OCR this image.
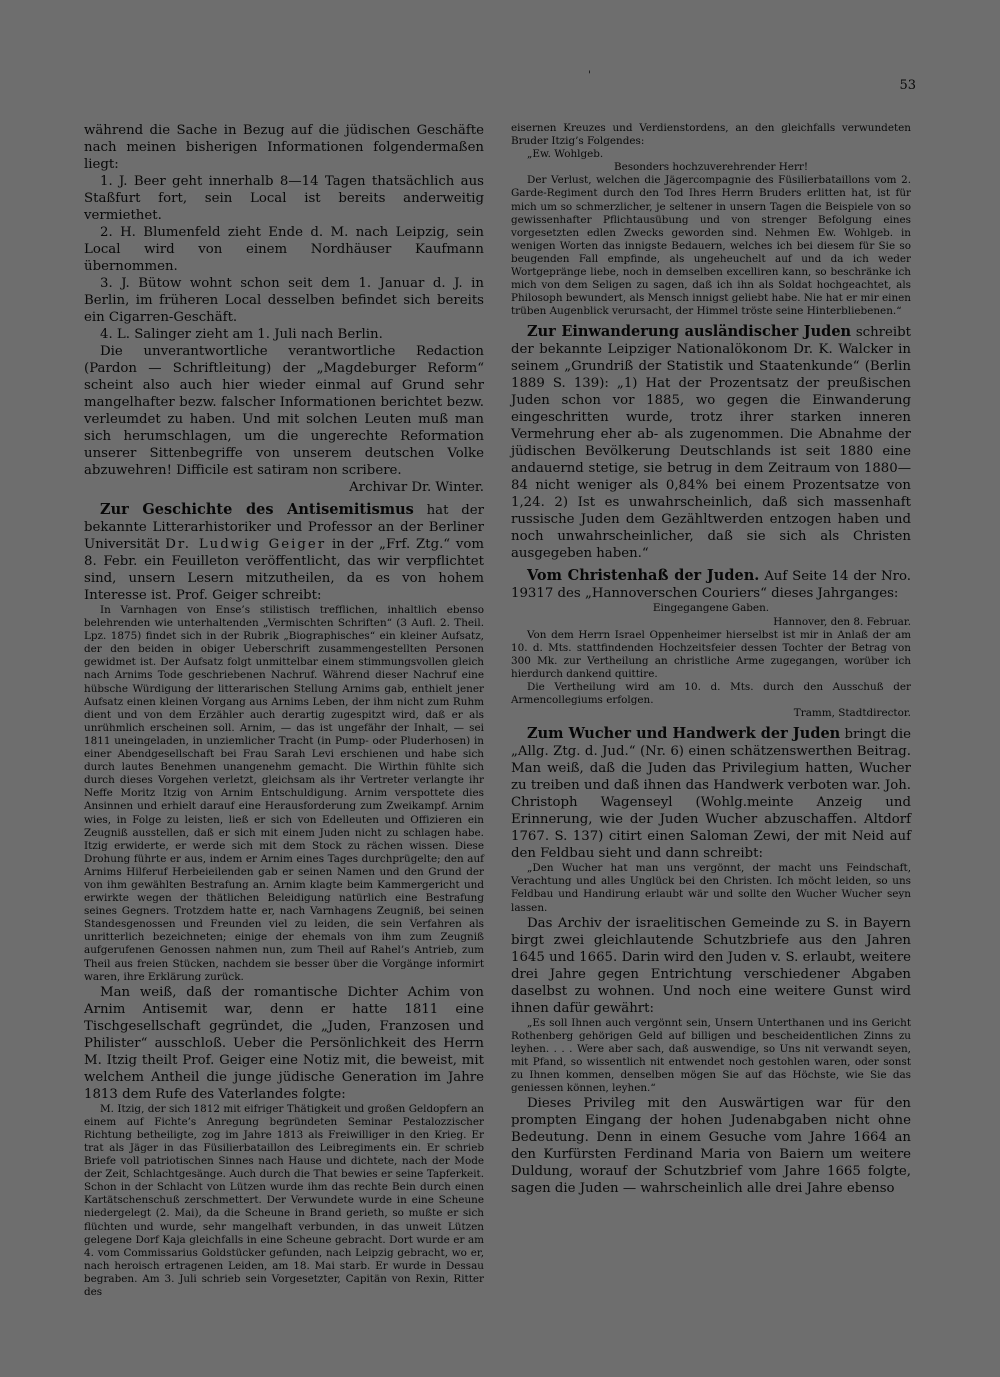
'
53

während die Sache in Bezug auf die jüdischen Geschäfte nach meinen bisherigen Informationen folgendermaßen liegt:

1. J. Beer geht innerhalb 8—14 Tagen thatsächlich aus Staßfurt fort, sein Local ist bereits anderweitig vermiethet.

2. H. Blumenfeld zieht Ende d. M. nach Leipzig, sein Local wird von einem Nordhäuser Kaufmann übernommen.

3. J. Bütow wohnt schon seit dem 1. Januar d. J. in Berlin, im früheren Local desselben befindet sich bereits ein Cigarren-Geschäft.

4. L. Salinger zieht am 1. Juli nach Berlin.

Die unverantwortliche verantwortliche Redaction (Pardon — Schriftleitung) der „Magdeburger Reform“ scheint also auch hier wieder einmal auf Grund sehr mangelhafter bezw. falscher Informationen berichtet bezw. verleumdet zu haben. Und mit solchen Leuten muß man sich herumschlagen, um die ungerechte Reformation unserer Sittenbegriffe von unserem deutschen Volke abzuwehren! Difficile est satiram non scribere.

Archivar Dr. Winter.

Zur Geschichte des Antisemitismus hat der bekannte Litterarhistoriker und Professor an der Berliner Universität Dr. Ludwig Geiger in der „Frf. Ztg.“ vom 8. Febr. ein Feuilleton veröffentlicht, das wir verpflichtet sind, unsern Lesern mitzutheilen, da es von hohem Interesse ist. Prof. Geiger schreibt:

In Varnhagen von Ense’s stilistisch trefflichen, inhaltlich ebenso belehrenden wie unterhaltenden „Vermischten Schriften“ (3 Aufl. 2. Theil. Lpz. 1875) findet sich in der Rubrik „Biographisches“ ein kleiner Aufsatz, der den beiden in obiger Ueberschrift zusammengestellten Personen gewidmet ist. Der Aufsatz folgt unmittelbar einem stimmungsvollen gleich nach Arnims Tode geschriebenen Nachruf. Während dieser Nachruf eine hübsche Würdigung der litterarischen Stellung Arnims gab, enthielt jener Aufsatz einen kleinen Vorgang aus Arnims Leben, der ihm nicht zum Ruhm dient und von dem Erzähler auch derartig zugespitzt wird, daß er als unrühmlich erscheinen soll. Arnim, — das ist ungefähr der Inhalt, — sei 1811 uneingeladen, in unziemlicher Tracht (in Pump- oder Pluderhosen) in einer Abendgesellschaft bei Frau Sarah Levi erschienen und habe sich durch lautes Benehmen unangenehm gemacht. Die Wirthin fühlte sich durch dieses Vorgehen verletzt, gleichsam als ihr Vertreter verlangte ihr Neffe Moritz Itzig von Arnim Entschuldigung. Arnim verspottete dies Ansinnen und erhielt darauf eine Herausforderung zum Zweikampf. Arnim wies, in Folge zu leisten, ließ er sich von Edelleuten und Offizieren ein Zeugniß ausstellen, daß er sich mit einem Juden nicht zu schlagen habe. Itzig erwiderte, er werde sich mit dem Stock zu rächen wissen. Diese Drohung führte er aus, indem er Arnim eines Tages durchprügelte; den auf Arnims Hilferuf Herbeieilenden gab er seinen Namen und den Grund der von ihm gewählten Bestrafung an. Arnim klagte beim Kammergericht und erwirkte wegen der thätlichen Beleidigung natürlich eine Bestrafung seines Gegners. Trotzdem hatte er, nach Varnhagens Zeugniß, bei seinen Standesgenossen und Freunden viel zu leiden, die sein Verfahren als unritterlich bezeichneten; einige der ehemals von ihm zum Zeugniß aufgerufenen Genossen nahmen nun, zum Theil auf Rahel’s Antrieb, zum Theil aus freien Stücken, nachdem sie besser über die Vorgänge informirt waren, ihre Erklärung zurück.

Man weiß, daß der romantische Dichter Achim von Arnim Antisemit war, denn er hatte 1811 eine Tischgesellschaft gegründet, die „Juden, Franzosen und Philister“ ausschloß. Ueber die Persönlichkeit des Herrn M. Itzig theilt Prof. Geiger eine Notiz mit, die beweist, mit welchem Antheil die junge jüdische Generation im Jahre 1813 dem Rufe des Vaterlandes folgte:

M. Itzig, der sich 1812 mit eifriger Thätigkeit und großen Geldopfern an einem auf Fichte’s Anregung begründeten Seminar Pestalozzischer Richtung betheiligte, zog im Jahre 1813 als Freiwilliger in den Krieg. Er trat als Jäger in das Füsilierbataillon des Leibregiments ein. Er schrieb Briefe voll patriotischen Sinnes nach Hause und dichtete, nach der Mode der Zeit, Schlachtgesänge. Auch durch die That bewies er seine Tapferkeit. Schon in der Schlacht von Lützen wurde ihm das rechte Bein durch einen Kartätschenschuß zerschmettert. Der Verwundete wurde in eine Scheune niedergelegt (2. Mai), da die Scheune in Brand gerieth, so mußte er sich flüchten und wurde, sehr mangelhaft verbunden, in das unweit Lützen gelegene Dorf Kaja gleichfalls in eine Scheune gebracht. Dort wurde er am 4. vom Commissarius Goldstücker gefunden, nach Leipzig gebracht, wo er, nach heroisch ertragenen Leiden, am 18. Mai starb. Er wurde in Dessau begraben. Am 3. Juli schrieb sein Vorgesetzter, Capitän von Rexin, Ritter des

eisernen Kreuzes und Verdienstordens, an den gleichfalls verwundeten Bruder Itzig’s Folgendes:

„Ew. Wohlgeb.

Besonders hochzuverehrender Herr!

Der Verlust, welchen die Jägercompagnie des Füsilierbataillons vom 2. Garde-Regiment durch den Tod Ihres Herrn Bruders erlitten hat, ist für mich um so schmerzlicher, je seltener in unsern Tagen die Beispiele von so gewissenhafter Pflichtausübung und von strenger Befolgung eines vorgesetzten edlen Zwecks geworden sind. Nehmen Ew. Wohlgeb. in wenigen Worten das innigste Bedauern, welches ich bei diesem für Sie so beugenden Fall empfinde, als ungeheuchelt auf und da ich weder Wortgepränge liebe, noch in demselben excelliren kann, so beschränke ich mich von dem Seligen zu sagen, daß ich ihn als Soldat hochgeachtet, als Philosoph bewundert, als Mensch innigst geliebt habe. Nie hat er mir einen trüben Augenblick verursacht, der Himmel tröste seine Hinterbliebenen.“

Zur Einwanderung ausländischer Juden schreibt der bekannte Leipziger Nationalökonom Dr. K. Walcker in seinem „Grundriß der Statistik und Staatenkunde“ (Berlin 1889 S. 139): „1) Hat der Prozentsatz der preußischen Juden schon vor 1885, wo gegen die Einwanderung eingeschritten wurde, trotz ihrer starken inneren Vermehrung eher ab- als zugenommen. Die Abnahme der jüdischen Bevölkerung Deutschlands ist seit 1880 eine andauernd stetige, sie betrug in dem Zeitraum von 1880—84 nicht weniger als 0,84% bei einem Prozentsatze von 1,24. 2) Ist es unwahrscheinlich, daß sich massenhaft russische Juden dem Gezähltwerden entzogen haben und noch unwahrscheinlicher, daß sie sich als Christen ausgegeben haben.“

Vom Christenhaß der Juden. Auf Seite 14 der Nro. 19317 des „Hannoverschen Couriers“ dieses Jahrganges:

Eingegangene Gaben.

Hannover, den 8. Februar.

Von dem Herrn Israel Oppenheimer hierselbst ist mir in Anlaß der am 10. d. Mts. stattfindenden Hochzeitsfeier dessen Tochter der Betrag von 300 Mk. zur Vertheilung an christliche Arme zugegangen, worüber ich hierdurch dankend quittire.

Die Vertheilung wird am 10. d. Mts. durch den Ausschuß der Armencollegiums erfolgen.

Tramm, Stadtdirector.

Zum Wucher und Handwerk der Juden bringt die „Allg. Ztg. d. Jud.“ (Nr. 6) einen schätzenswerthen Beitrag. Man weiß, daß die Juden das Privilegium hatten, Wucher zu treiben und daß ihnen das Handwerk verboten war. Joh. Christoph Wagenseyl (Wohlg.meinte Anzeig und Erinnerung, wie der Juden Wucher abzuschaffen. Altdorf 1767. S. 137) citirt einen Saloman Zewi, der mit Neid auf den Feldbau sieht und dann schreibt:

„Den Wucher hat man uns vergönnt, der macht uns Feindschaft, Verachtung und alles Unglück bei den Christen. Ich möcht leiden, so uns Feldbau und Handirung erlaubt wär und sollte den Wucher Wucher seyn lassen.

Das Archiv der israelitischen Gemeinde zu S. in Bayern birgt zwei gleichlautende Schutzbriefe aus den Jahren 1645 und 1665. Darin wird den Juden v. S. erlaubt, weitere drei Jahre gegen Entrichtung verschiedener Abgaben daselbst zu wohnen. Und noch eine weitere Gunst wird ihnen dafür gewährt:

„Es soll Ihnen auch vergönnt sein, Unsern Unterthanen und ins Gericht Rothenberg gehörigen Geld auf billigen und bescheidentlichen Zinns zu leyhen. . . . Were aber sach, daß auswendige, so Uns nit verwandt seyen, mit Pfand, so wissentlich nit entwendet noch gestohlen waren, oder sonst zu Ihnen kommen, denselben mögen Sie auf das Höchste, wie Sie das geniessen können, leyhen.“

Dieses Privileg mit den Auswärtigen war für den prompten Eingang der hohen Judenabgaben nicht ohne Bedeutung. Denn in einem Gesuche vom Jahre 1664 an den Kurfürsten Ferdinand Maria von Baiern um weitere Duldung, worauf der Schutzbrief vom Jahre 1665 folgte, sagen die Juden — wahrscheinlich alle drei Jahre ebenso
